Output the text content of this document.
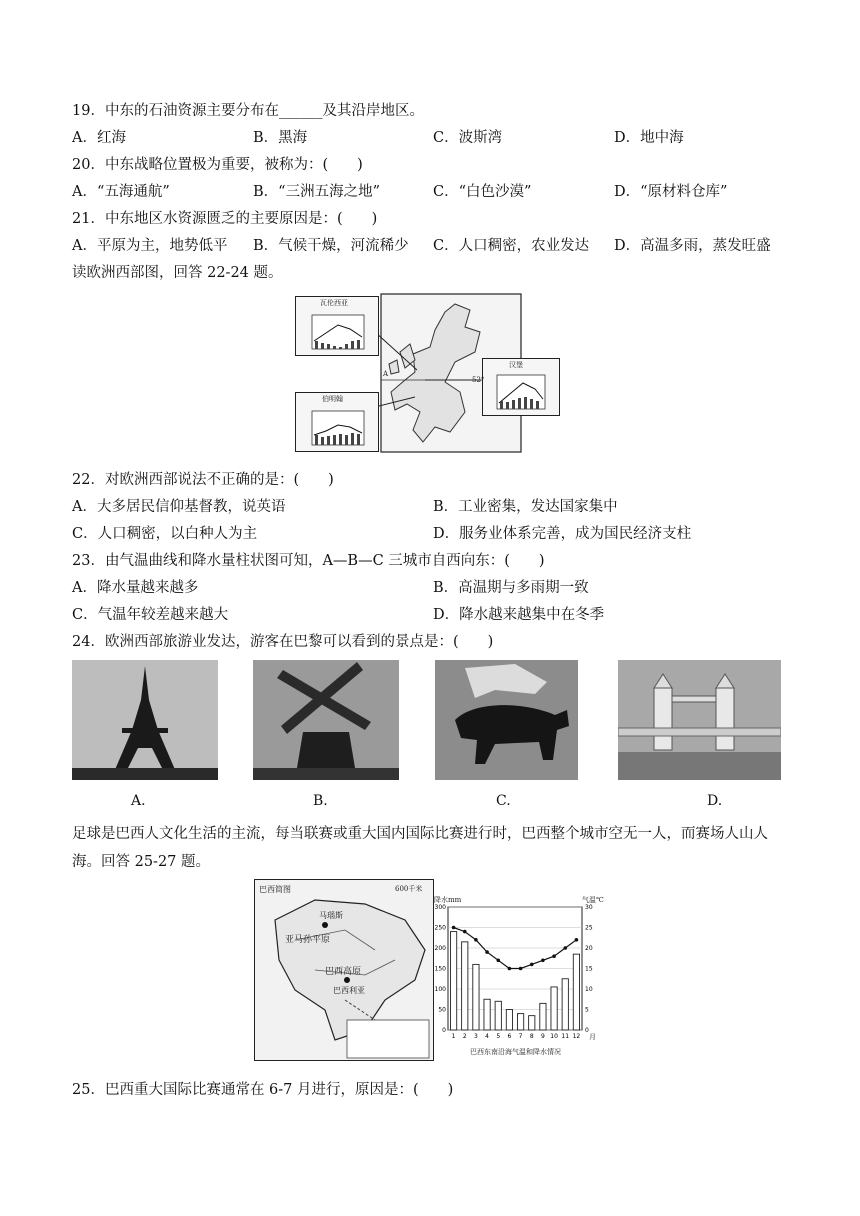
19．中东的石油资源主要分布在______及其沿岸地区。
A．红海	B．黑海	C．波斯湾	D．地中海
20．中东战略位置极为重要，被称为：(　　)
A．“五海通航”	B．“三洲五海之地”	C．“白色沙漠”	D．“原材料仓库”
21．中东地区水资源匮乏的主要原因是：(　　)
A．平原为主，地势低平 B．气候干燥，河流稀少 C．人口稠密，农业发达 D．高温多雨，蒸发旺盛
读欧洲西部图，回答 22-24 题。
瓦伦西亚
伯明翰
汉堡
A
52°
22．对欧洲西部说法不正确的是：(　　)
A．大多居民信仰基督教，说英语	B．工业密集，发达国家集中
C．人口稠密，以白种人为主	D．服务业体系完善，成为国民经济支柱
23．由气温曲线和降水量柱状图可知，A—B—C 三城市自西向东：(　　)
A．降水量越来越多	B．高温期与多雨期一致
C．气温年较差越来越大	D．降水越来越集中在冬季
24．欧洲西部旅游业发达，游客在巴黎可以看到的景点是：(　　)
A.	B.	C.	D.
足球是巴西人文化生活的主流，每当联赛或重大国内国际比赛进行时，巴西整个城市空无一人，而赛场人山人海。回答 25-27 题。
巴西简图	600千米
亚马孙平原
巴西高原
马瑙斯
巴西利亚
0
50
100
150
200
250
300
0
5
10
15
20
25
30
1 2 3 4 5 6 7 8 9 10 11 12
降水mm	气温℃
月
巴西东南沿海气温和降水情况
25．巴西重大国际比赛通常在 6-7 月进行，原因是：(　　)
